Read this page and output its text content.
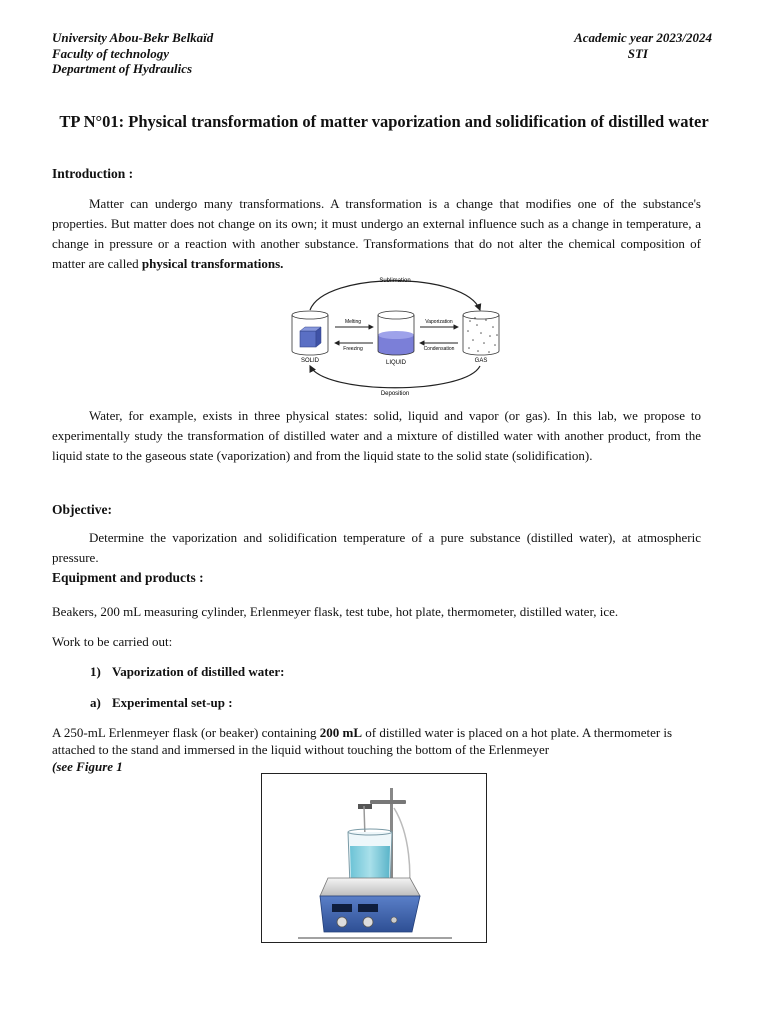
University Abou-Bekr Belkaïd
Faculty of technology
Department of Hydraulics
Academic year 2023/2024
STI
TP N°01: Physical transformation of matter vaporization and solidification of distilled water
Introduction :
Matter can undergo many transformations. A transformation is a change that modifies one of the substance's properties. But matter does not change on its own; it must undergo an external influence such as a change in temperature, a change in pressure or a reaction with another substance. Transformations that do not alter the chemical composition of matter are called physical transformations.
Sublimation
Deposition
SOLID	LIQUID	GAS
Melting
Freezing
Vaporization
Condensation
Water, for example, exists in three physical states: solid, liquid and vapor (or gas). In this lab, we propose to experimentally study the transformation of distilled water and a mixture of distilled water with another product, from the liquid state to the gaseous state (vaporization) and from the liquid state to the solid state (solidification).
Objective:
Determine the vaporization and solidification temperature of a pure substance (distilled water), at atmospheric pressure.
Equipment and products :
Beakers, 200 mL measuring cylinder, Erlenmeyer flask, test tube, hot plate, thermometer, distilled water, ice.
Work to be carried out:
1) Vaporization of distilled water:
a) Experimental set-up :
A 250-mL Erlenmeyer flask (or beaker) containing 200 mL of distilled water is placed on a hot plate. A thermometer is attached to the stand and immersed in the liquid without touching the bottom of the Erlenmeyer
(see Figure 1
